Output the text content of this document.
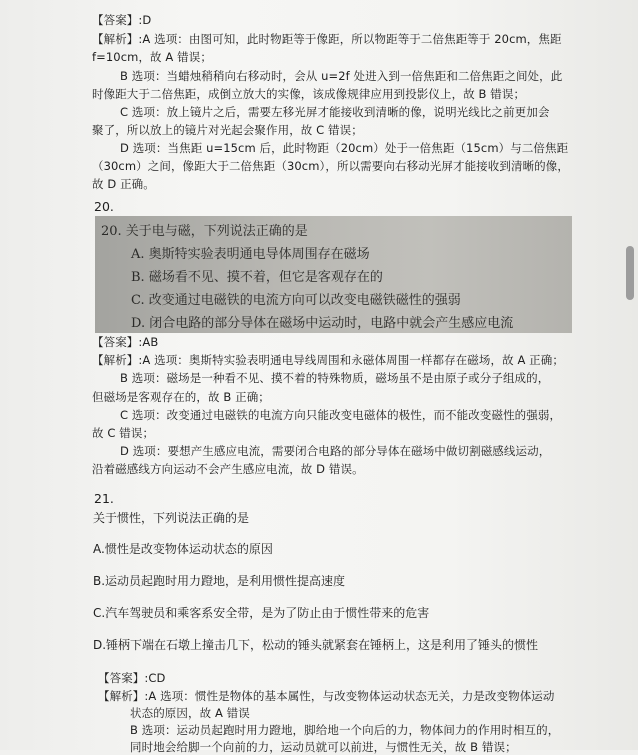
【答案】:D
【解析】:A 选项：由图可知，此时物距等于像距，所以物距等于二倍焦距等于 20cm，焦距
f=10cm，故 A 错误；
B 选项：当蜡烛稍稍向右移动时，会从 u=2f 处进入到一倍焦距和二倍焦距之间处，此
时像距大于二倍焦距，成倒立放大的实像，该成像规律应用到投影仪上，故 B 错误；
C 选项：放上镜片之后，需要左移光屏才能接收到清晰的像，说明光线比之前更加会
聚了，所以放上的镜片对光起会聚作用，故 C 错误；
D 选项：当焦距 u=15cm 后，此时物距（20cm）处于一倍焦距（15cm）与二倍焦距
（30cm）之间，像距大于二倍焦距（30cm），所以需要向右移动光屏才能接收到清晰的像，
故 D 正确。
20.
20. 关于电与磁，下列说法正确的是
A. 奥斯特实验表明通电导体周围存在磁场
B. 磁场看不见、摸不着，但它是客观存在的
C. 改变通过电磁铁的电流方向可以改变电磁铁磁性的强弱
D. 闭合电路的部分导体在磁场中运动时，电路中就会产生感应电流
【答案】:AB
【解析】:A 选项：奥斯特实验表明通电导线周围和永磁体周围一样都存在磁场，故 A 正确；
B 选项：磁场是一种看不见、摸不着的特殊物质，磁场虽不是由原子或分子组成的，
但磁场是客观存在的，故 B 正确；
C 选项：改变通过电磁铁的电流方向只能改变电磁体的极性，而不能改变磁性的强弱，
故 C 错误；
D 选项：要想产生感应电流，需要闭合电路的部分导体在磁场中做切割磁感线运动，
沿着磁感线方向运动不会产生感应电流，故 D 错误。
21.
关于惯性，下列说法正确的是
A.惯性是改变物体运动状态的原因
B.运动员起跑时用力蹬地，是利用惯性提高速度
C.汽车驾驶员和乘客系安全带，是为了防止由于惯性带来的危害
D.锤柄下端在石墩上撞击几下，松动的锤头就紧套在锤柄上，这是利用了锤头的惯性
【答案】:CD
【解析】:A 选项：惯性是物体的基本属性，与改变物体运动状态无关，力是改变物体运动
状态的原因，故 A 错误
B 选项：运动员起跑时用力蹬地，脚给地一个向后的力，物体间力的作用时相互的，
同时地会给脚一个向前的力，运动员就可以前进，与惯性无关，故 B 错误；
